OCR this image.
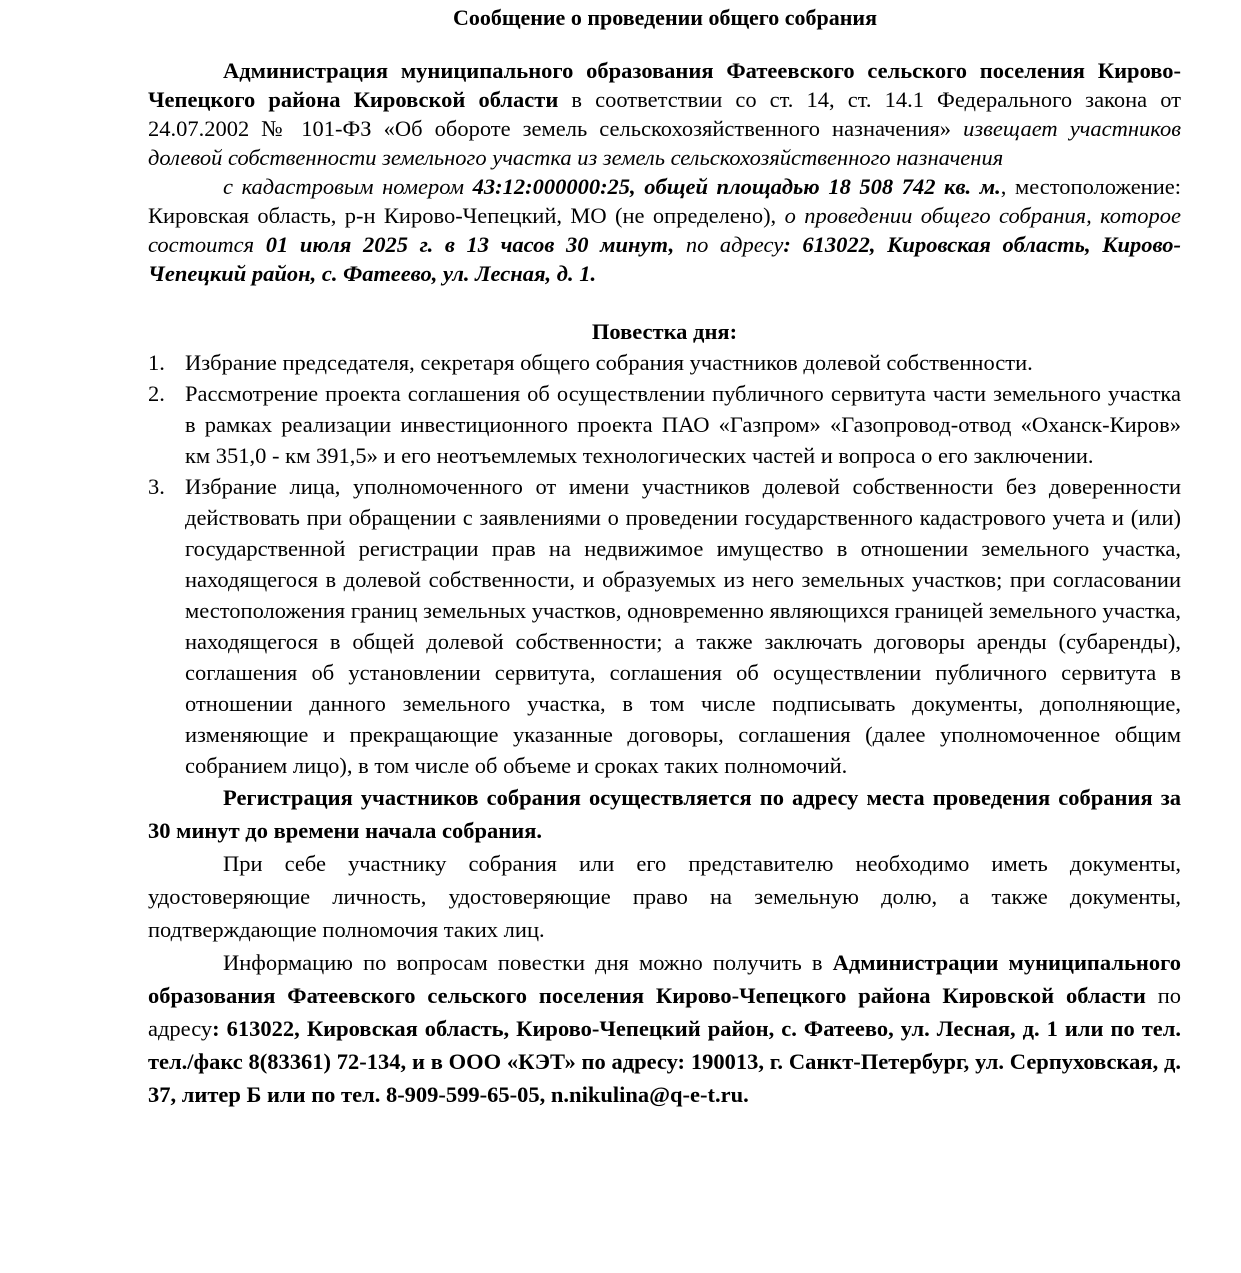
Сообщение о проведении общего собрания

Администрация муниципального образования Фатеевского сельского поселения Кирово-Чепецкого района Кировской области в соответствии со ст. 14, ст. 14.1 Федерального закона от 24.07.2002 № 101-ФЗ «Об обороте земель сельскохозяйственного назначения» извещает участников долевой собственности земельного участка из земель сельскохозяйственного назначения

с кадастровым номером 43:12:000000:25, общей площадью 18 508 742 кв. м., местоположение: Кировская область, р-н Кирово-Чепецкий, МО (не определено), о проведении общего собрания, которое состоится 01 июля 2025 г. в 13 часов 30 минут, по адресу: 613022, Кировская область, Кирово-Чепецкий район, с. Фатеево, ул. Лесная, д. 1.

Повестка дня:

1. Избрание председателя, секретаря общего собрания участников долевой собственности.
2. Рассмотрение проекта соглашения об осуществлении публичного сервитута части земельного участка в рамках реализации инвестиционного проекта ПАО «Газпром» «Газопровод-отвод «Оханск-Киров» км 351,0 - км 391,5» и его неотъемлемых технологических частей и вопроса о его заключении.
3. Избрание лица, уполномоченного от имени участников долевой собственности без доверенности действовать при обращении с заявлениями о проведении государственного кадастрового учета и (или) государственной регистрации прав на недвижимое имущество в отношении земельного участка, находящегося в долевой собственности, и образуемых из него земельных участков; при согласовании местоположения границ земельных участков, одновременно являющихся границей земельного участка, находящегося в общей долевой собственности; а также заключать договоры аренды (субаренды), соглашения об установлении сервитута, соглашения об осуществлении публичного сервитута в отношении данного земельного участка, в том числе подписывать документы, дополняющие, изменяющие и прекращающие указанные договоры, соглашения (далее уполномоченное общим собранием лицо), в том числе об объеме и сроках таких полномочий.

Регистрация участников собрания осуществляется по адресу места проведения собрания за 30 минут до времени начала собрания.

При себе участнику собрания или его представителю необходимо иметь документы, удостоверяющие личность, удостоверяющие право на земельную долю, а также документы, подтверждающие полномочия таких лиц.

Информацию по вопросам повестки дня можно получить в Администрации муниципального образования Фатеевского сельского поселения Кирово-Чепецкого района Кировской области по адресу: 613022, Кировская область, Кирово-Чепецкий район, с. Фатеево, ул. Лесная, д. 1 или по тел. тел./факс 8(83361) 72-134, и в ООО «КЭТ» по адресу: 190013, г. Санкт-Петербург, ул. Серпуховская, д. 37, литер Б или по тел. 8-909-599-65-05, n.nikulina@q-e-t.ru.
